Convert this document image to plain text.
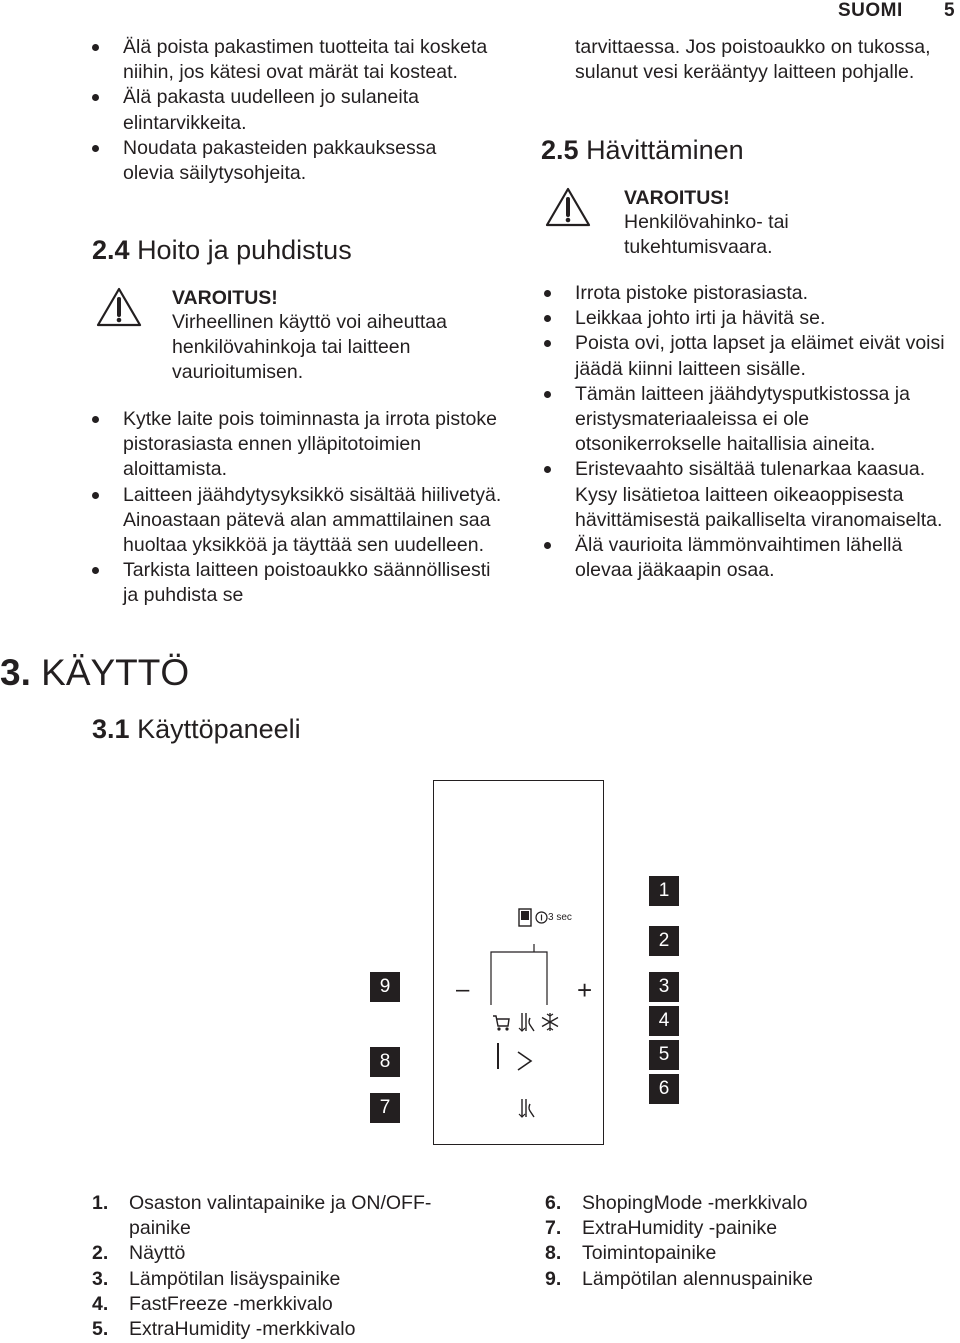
SUOMI 5
Älä poista pakastimen tuotteita tai kosketa niihin, jos kätesi ovat märät tai kosteat.
Älä pakasta uudelleen jo sulaneita elintarvikkeita.
Noudata pakasteiden pakkauksessa olevia säilytysohjeita.
2.4 Hoito ja puhdistus
VAROITUS!
Virheellinen käyttö voi aiheuttaa henkilövahinkoja tai laitteen vaurioitumisen.
Kytke laite pois toiminnasta ja irrota pistoke pistorasiasta ennen ylläpitotoimien aloittamista.
Laitteen jäähdytysyksikkö sisältää hiilivetyä. Ainoastaan pätevä alan ammattilainen saa huoltaa yksikköä ja täyttää sen uudelleen.
Tarkista laitteen poistoaukko säännöllisesti ja puhdista se
3. KÄYTTÖ
3.1 Käyttöpaneeli
tarvittaessa. Jos poistoaukko on tukossa, sulanut vesi kerääntyy laitteen pohjalle.
2.5 Hävittäminen
VAROITUS!
Henkilövahinko- tai tukehtumisvaara.
Irrota pistoke pistorasiasta.
Leikkaa johto irti ja hävitä se.
Poista ovi, jotta lapset ja eläimet eivät voisi jäädä kiinni laitteen sisälle.
Tämän laitteen jäähdytysputkistossa ja eristysmateriaaleissa ei ole otsonikerrokselle haitallisia aineita.
Eristevaahto sisältää tulenarkaa kaasua. Kysy lisätietoa laitteen oikeaoppisesta hävittämisestä paikalliselta viranomaiselta.
Älä vaurioita lämmönvaihtimen lähellä olevaa jääkaapin osaa.
3 sec
–	+
1
2
3
4
5
6
7
8
9
1.	Osaston valintapainike ja ON/OFF-painike
2.	Näyttö
3.	Lämpötilan lisäyspainike
4.	FastFreeze -merkkivalo
5.	ExtraHumidity -merkkivalo
6.	ShopingMode -merkkivalo
7.	ExtraHumidity -painike
8.	Toimintopainike
9.	Lämpötilan alennuspainike
